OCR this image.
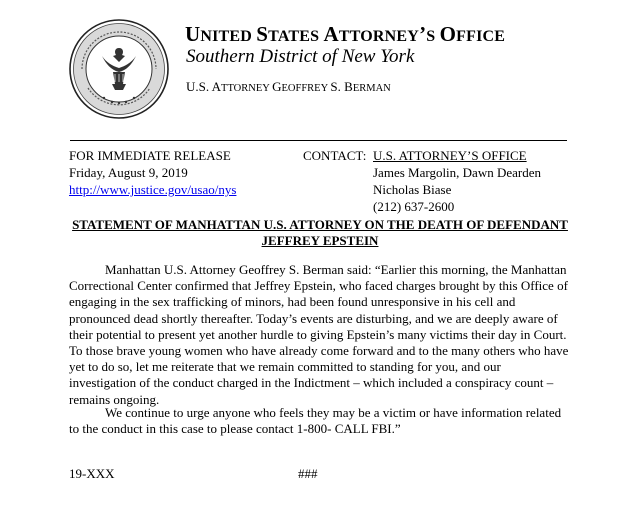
UNITED STATES ATTORNEY’S OFFICE
Southern District of New York
U.S. ATTORNEY GEOFFREY S. BERMAN
FOR IMMEDIATE RELEASE
Friday, August 9, 2019
http://www.justice.gov/usao/nys
CONTACT: U.S. ATTORNEY’S OFFICE
James Margolin, Dawn Dearden
Nicholas Biase
(212) 637-2600
STATEMENT OF MANHATTAN U.S. ATTORNEY ON THE DEATH OF DEFENDANT
JEFFREY EPSTEIN
Manhattan U.S. Attorney Geoffrey S. Berman said: “Earlier this morning, the Manhattan Correctional Center confirmed that Jeffrey Epstein, who faced charges brought by this Office of engaging in the sex trafficking of minors, had been found unresponsive in his cell and pronounced dead shortly thereafter. Today’s events are disturbing, and we are deeply aware of their potential to present yet another hurdle to giving Epstein’s many victims their day in Court. To those brave young women who have already come forward and to the many others who have yet to do so, let me reiterate that we remain committed to standing for you, and our investigation of the conduct charged in the Indictment – which included a conspiracy count – remains ongoing.
We continue to urge anyone who feels they may be a victim or have information related to the conduct in this case to please contact 1-800- CALL FBI.”
19-XXX	###
